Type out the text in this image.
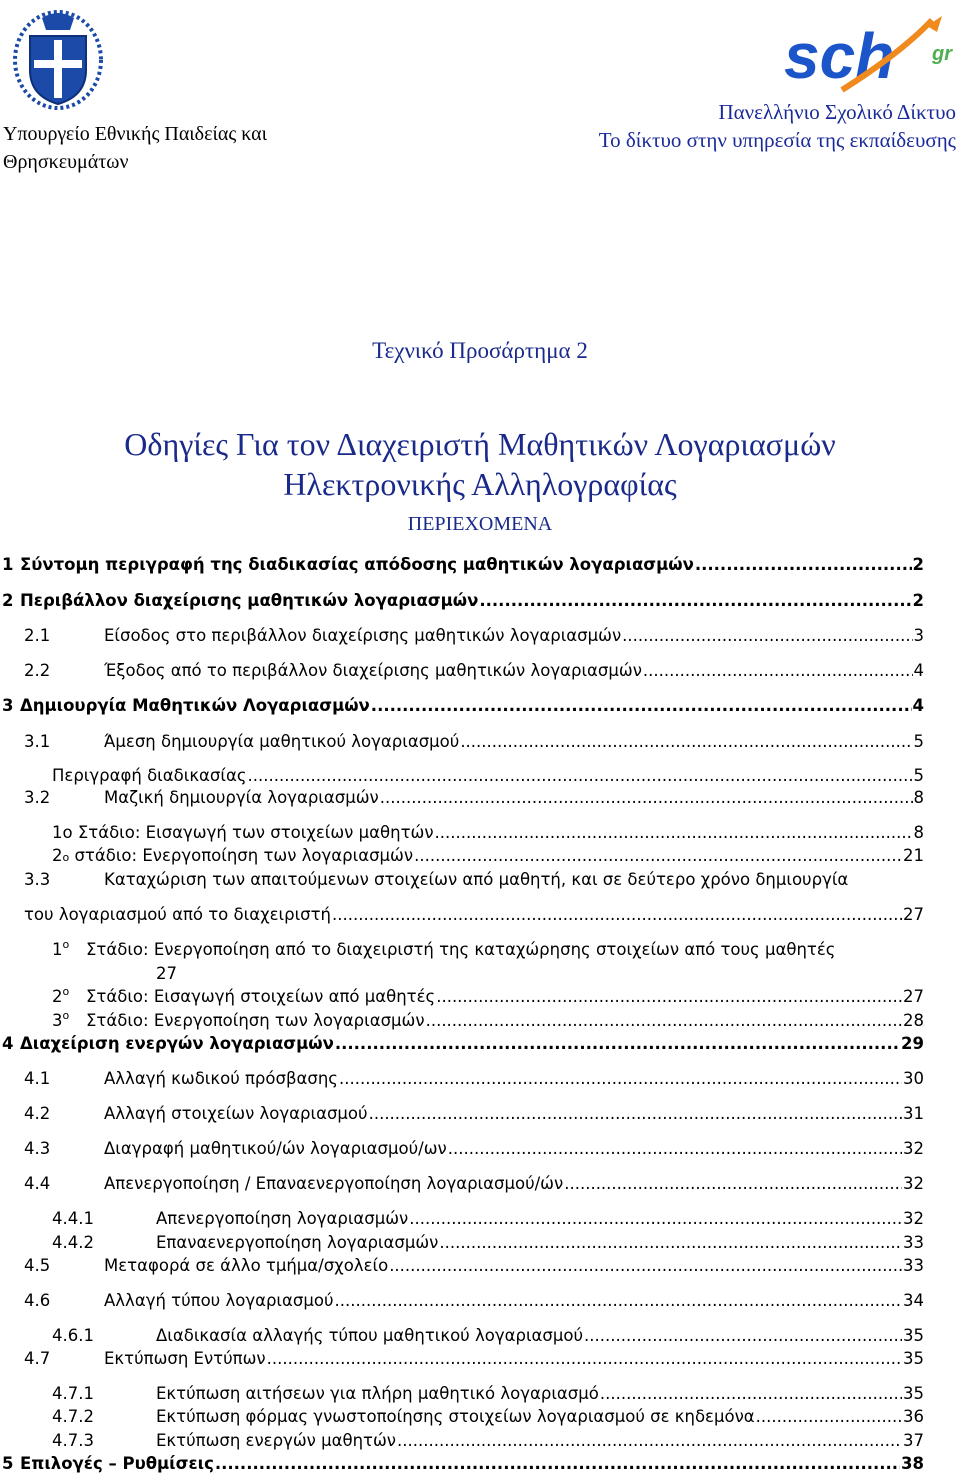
Υπουργείο Εθνικής Παιδείας και
Θρησκευμάτων
sch gr
Πανελλήνιο Σχολικό Δίκτυο
Το δίκτυο στην υπηρεσία της εκπαίδευσης
Τεχνικό Προσάρτημα 2
Οδηγίες Για τον Διαχειριστή Μαθητικών Λογαριασμών
Ηλεκτρονικής Αλληλογραφίας
ΠΕΡΙΕΧΟΜΕΝΑ
1 Σύντομη περιγραφή της διαδικασίας απόδοσης μαθητικών λογαριασμών .....	2
2 Περιβάλλον διαχείρισης μαθητικών λογαριασμών .....	2
2.1	Είσοδος στο περιβάλλον διαχείρισης μαθητικών λογαριασμών .....	3
2.2	Έξοδος από το περιβάλλον διαχείρισης μαθητικών λογαριασμών .....	4
3 Δημιουργία Μαθητικών Λογαριασμών .....	4
3.1	Άμεση δημιουργία μαθητικού λογαριασμού .....	5
Περιγραφή διαδικασίας .....	5
3.2	Μαζική δημιουργία λογαριασμών .....	8
1ο Στάδιο: Εισαγωγή των στοιχείων μαθητών .....	8
2 ο στάδιο: Ενεργοποίηση των λογαριασμών .....	21
3.3	Καταχώριση των απαιτούμενων στοιχείων από μαθητή, και σε δεύτερο χρόνο δημιουργία
του λογαριασμού από το διαχειριστή .....	27
$1^o$ Στάδιο: Ενεργοποίηση από το διαχειριστή της καταχώρησης στοιχείων από τους μαθητές
27
$2^o$	Στάδιο: Εισαγωγή στοιχείων από μαθητές .....	27
$3^o$	Στάδιο: Ενεργοποίηση των λογαριασμών .....	28
4 Διαχείριση ενεργών λογαριασμών .....	29
4.1	Αλλαγή κωδικού πρόσβασης .....	30
4.2	Αλλαγή στοιχείων λογαριασμού .....	31
4.3	Διαγραφή μαθητικού/ών λογαριασμού/ων .....	32
4.4	Απενεργοποίηση / Επαναενεργοποίηση λογαριασμού/ών .....	32
4.4.1	Απενεργοποίηση λογαριασμών .....	32
4.4.2	Επαναενεργοποίηση λογαριασμών .....	33
4.5	Μεταφορά σε άλλο τμήμα/σχολείο .....	33
4.6	Αλλαγή τύπου λογαριασμού .....	34
4.6.1	Διαδικασία αλλαγής τύπου μαθητικού λογαριασμού .....	35
4.7	Εκτύπωση Εντύπων .....	35
4.7.1	Εκτύπωση αιτήσεων για πλήρη μαθητικό λογαριασμό .....	35
4.7.2	Εκτύπωση φόρμας γνωστοποίησης στοιχείων λογαριασμού σε κηδεμόνα .....	36
4.7.3	Εκτύπωση ενεργών μαθητών .....	37
5 Επιλογές – Ρυθμίσεις .....	38
